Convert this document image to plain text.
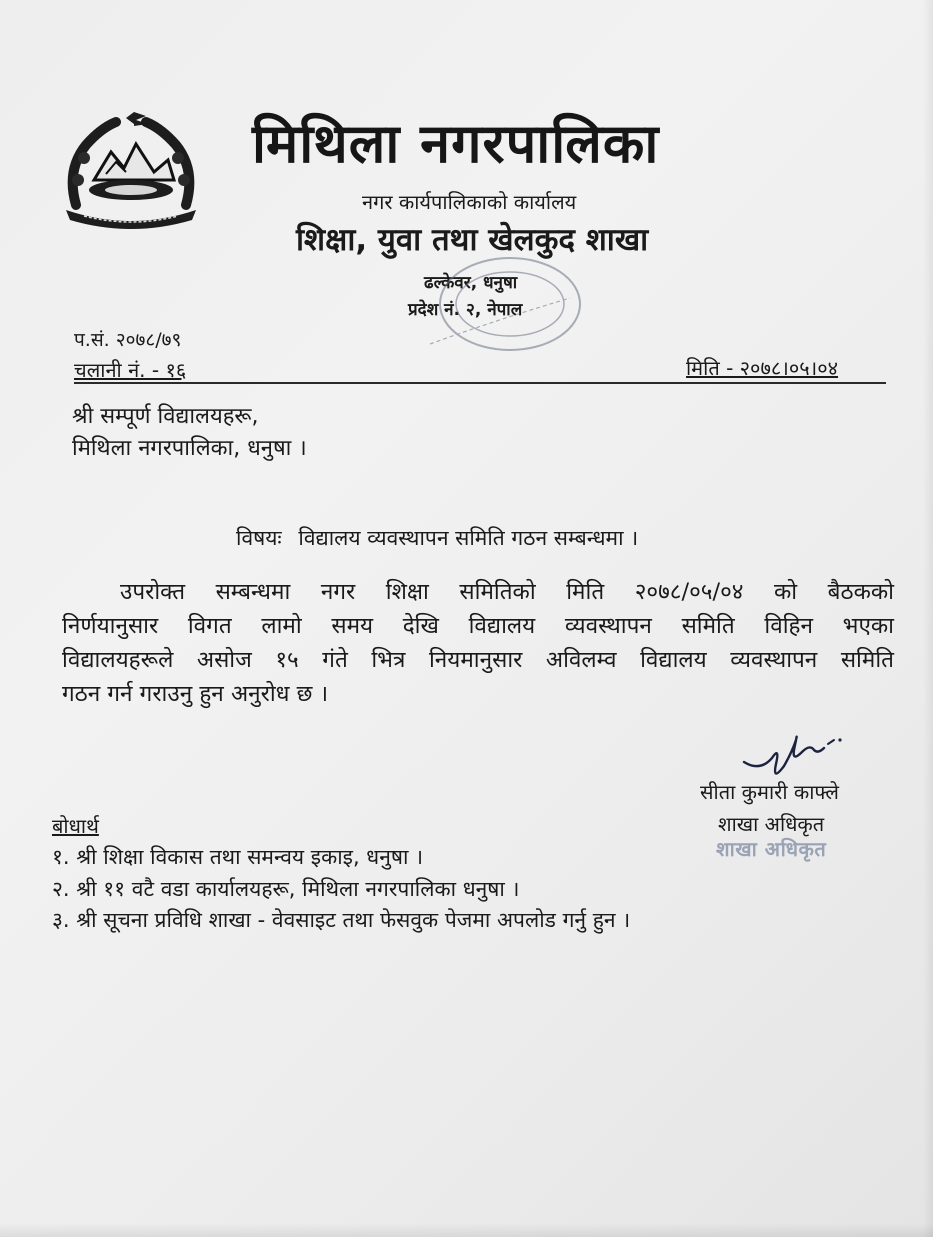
मिथिला नगरपालिका
नगर कार्यपालिकाको कार्यालय
शिक्षा, युवा तथा खेलकुद शाखा
ढल्केवर, धनुषा
प्रदेश नं. २, नेपाल
प.सं. २०७८/७९
चलानी नं. - १६	मिति - २०७८।०५।०४
श्री सम्पूर्ण विद्यालयहरू,
मिथिला नगरपालिका, धनुषा ।
विषयः विद्यालय व्यवस्थापन समिति गठन सम्बन्धमा ।
उपरोक्त सम्बन्धमा नगर शिक्षा समितिको मिति २०७८/०५/०४ को बैठकको
निर्णयानुसार विगत लामो समय देखि विद्यालय व्यवस्थापन समिति विहिन भएका
विद्यालयहरूले असोज १५ गंते भित्र नियमानुसार अविलम्व विद्यालय व्यवस्थापन समिति
गठन गर्न गराउनु हुन अनुरोध छ ।
सीता कुमारी काफ्ले
शाखा अधिकृत
शाखा अधिकृत
बोधार्थ
१. श्री शिक्षा विकास तथा समन्वय इकाइ, धनुषा ।
२. श्री ११ वटै वडा कार्यालयहरू, मिथिला नगरपालिका धनुषा ।
३. श्री सूचना प्रविधि शाखा - वेवसाइट तथा फेसवुक पेजमा अपलोड गर्नु हुन ।
